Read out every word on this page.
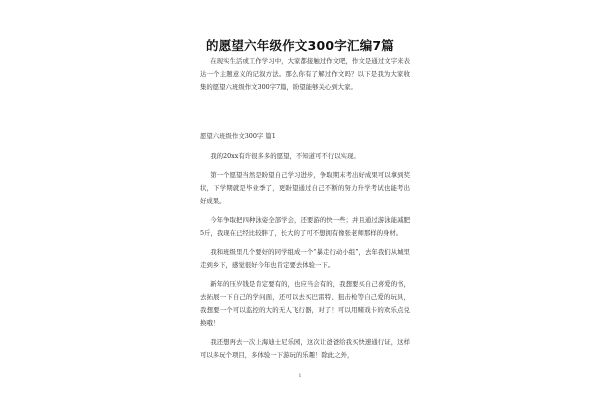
的愿望六年级作文300字汇编7篇

在现实生活或工作学习中，大家都接触过作文吧，作文是通过文字来表达一个主题意义的记叙方法。那么你有了解过作文吗？以下是我为大家收集的愿望六班级作文300字7篇，盼望能够关心到大家。

愿望六班级作文300字 篇1

我的20xx有许很多多的愿望，不知道可不行以实现。

第一个愿望当然是盼望自己学习进步，争取期末考出好成果可以拿到奖状，下学期就是毕业季了，更盼望通过自己不断的努力升学考试也能考出好成果。

今年争取把四种泳姿全部学会，还要游的快一些；并且通过游泳能减肥5斤，我现在已经比较胖了，长大的了可不想拥有像张老师那样的身材。

我和班级里几个要好的同学组成一个“暴走行动小组”，去年我们从城里走到乡下，感觉很好今年也肯定要去体验一下。

新年的压岁钱是肯定要有的，也应当会有的，我想要买自己喜爱的书，去拓展一下自己的学问面，还可以去买巴雷特、狙击枪等自己爱的玩具，我想要一个可以监控的大的无人飞行器，对了！可以用赌戏卡的欢乐点兑换哦！

我还想再去一次上海迪士尼乐园，这次让爸爸给我买快速通行证，这样可以多玩个项目，多体验一下游玩的乐趣！除此之外，

1
